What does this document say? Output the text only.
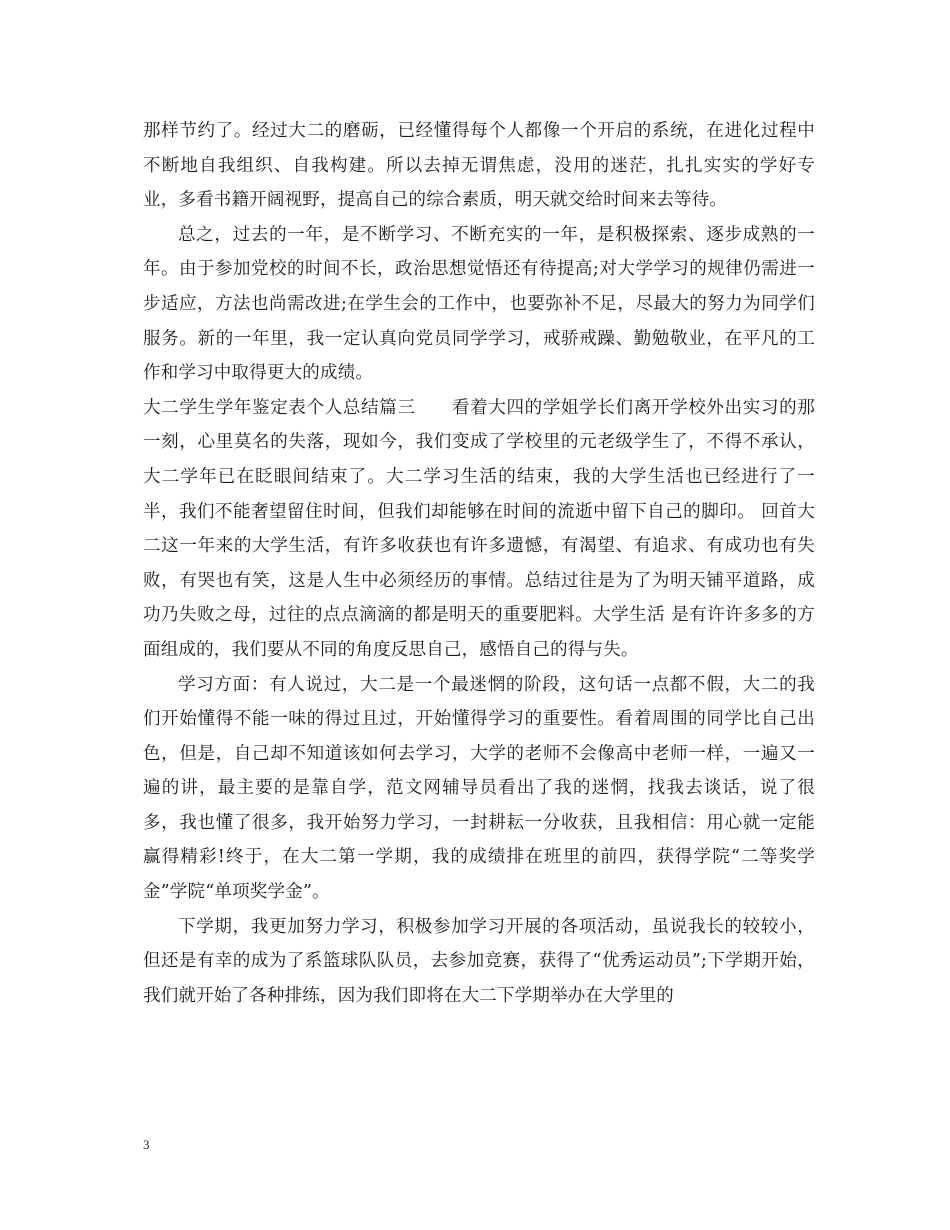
那样节约了。经过大二的磨砺，已经懂得每个人都像一个开启的系统，在进化过程中不断地自我组织、自我构建。所以去掉无谓焦虑，没用的迷茫，扎扎实实的学好专业，多看书籍开阔视野，提高自己的综合素质，明天就交给时间来去等待。

总之，过去的一年，是不断学习、不断充实的一年，是积极探索、逐步成熟的一年。由于参加党校的时间不长，政治思想觉悟还有待提高;对大学学习的规律仍需进一步适应，方法也尚需改进;在学生会的工作中，也要弥补不足，尽最大的努力为同学们服务。新的一年里，我一定认真向党员同学学习，戒骄戒躁、勤勉敬业，在平凡的工作和学习中取得更大的成绩。

大二学生学年鉴定表个人总结篇三　　看着大四的学姐学长们离开学校外出实习的那一刻，心里莫名的失落，现如今，我们变成了学校里的元老级学生了，不得不承认，大二学年已在眨眼间结束了。大二学习生活的结束，我的大学生活也已经进行了一半，我们不能奢望留住时间，但我们却能够在时间的流逝中留下自己的脚印。 回首大二这一年来的大学生活，有许多收获也有许多遗憾，有渴望、有追求、有成功也有失败，有哭也有笑，这是人生中必须经历的事情。总结过往是为了为明天铺平道路，成功乃失败之母，过往的点点滴滴的都是明天的重要肥料。大学生活 是有许许多多的方面组成的，我们要从不同的角度反思自己，感悟自己的得与失。

学习方面：有人说过，大二是一个最迷惘的阶段，这句话一点都不假，大二的我们开始懂得不能一味的得过且过，开始懂得学习的重要性。看着周围的同学比自己出色，但是，自己却不知道该如何去学习，大学的老师不会像高中老师一样，一遍又一遍的讲，最主要的是靠自学，范文网辅导员看出了我的迷惘，找我去谈话，说了很多，我也懂了很多，我开始努力学习，一封耕耘一分收获，且我相信：用心就一定能赢得精彩!终于，在大二第一学期，我的成绩排在班里的前四，获得学院“二等奖学金”学院“单项奖学金”。

下学期，我更加努力学习，积极参加学习开展的各项活动，虽说我长的较较小，但还是有幸的成为了系篮球队队员，去参加竞赛，获得了“优秀运动员”;下学期开始，我们就开始了各种排练，因为我们即将在大二下学期举办在大学里的

3
